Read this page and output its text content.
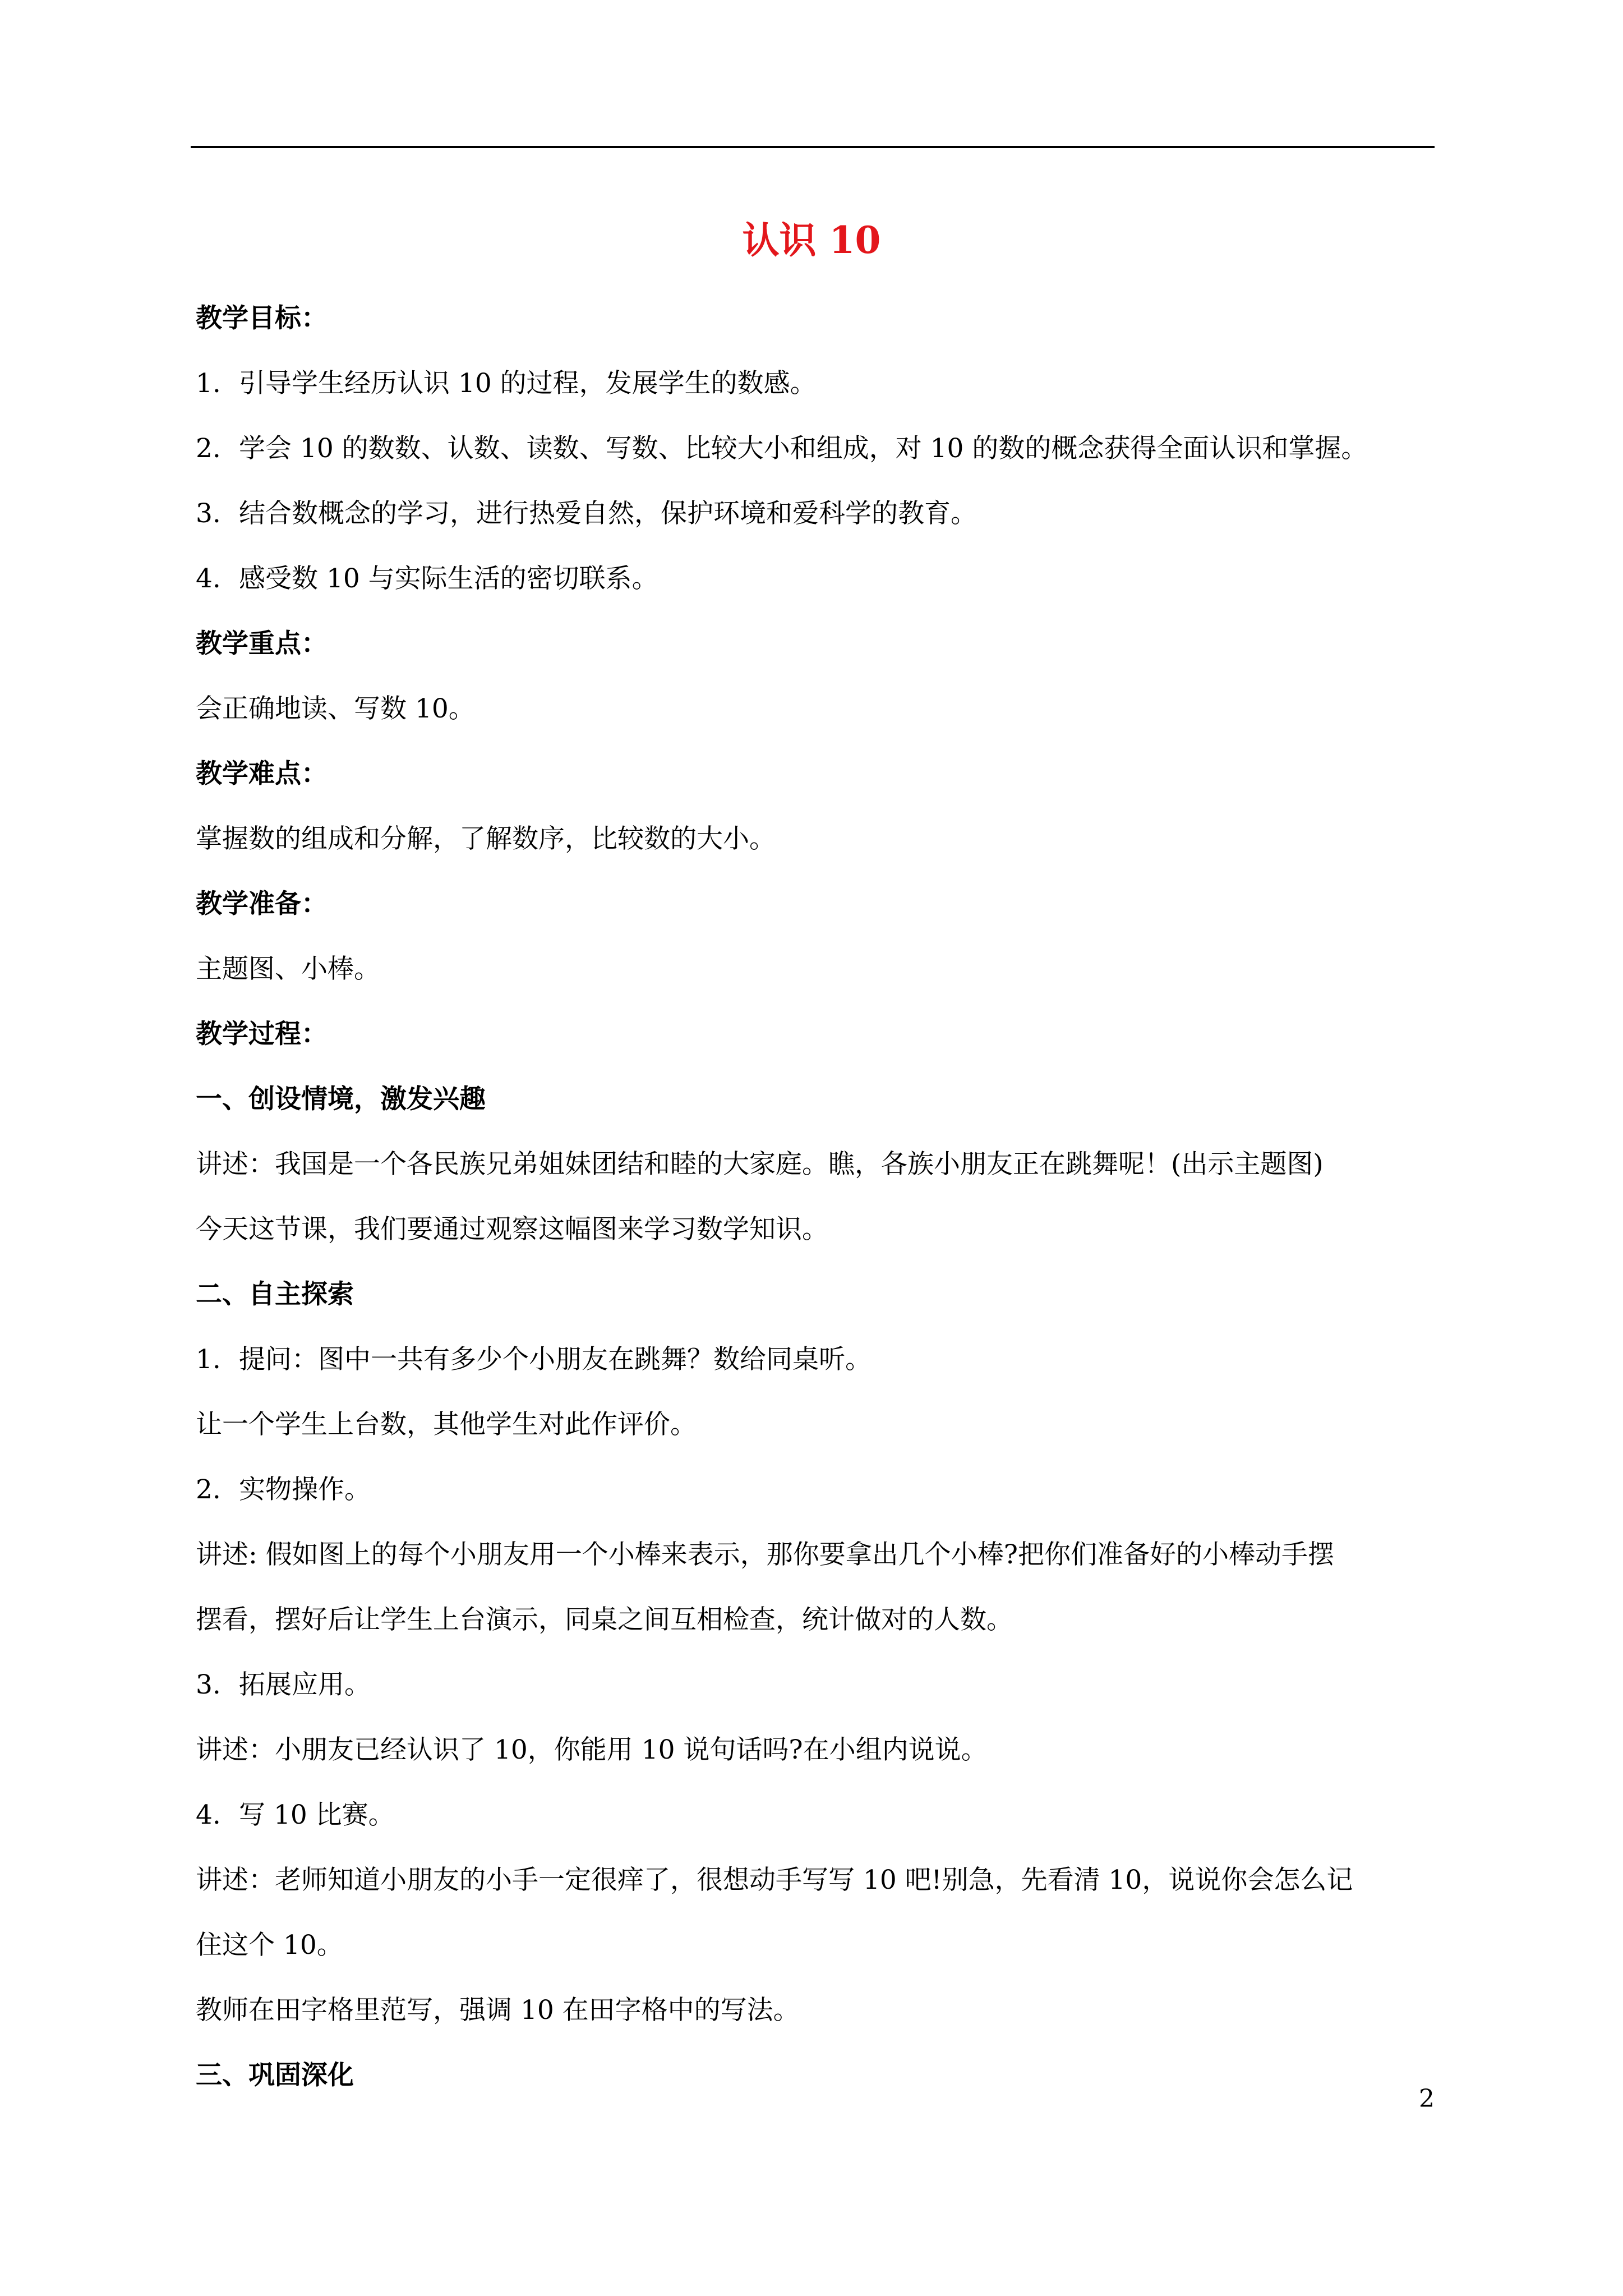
认识 10
教学目标：
1. 引导学生经历认识 10 的过程，发展学生的数感。
2. 学会 10 的数数、认数、读数、写数、比较大小和组成，对 10 的数的概念获得全面认识和掌握。
3. 结合数概念的学习，进行热爱自然，保护环境和爱科学的教育。
4. 感受数 10 与实际生活的密切联系。
教学重点：
会正确地读、写数 10。
教学难点：
掌握数的组成和分解，了解数序，比较数的大小。
教学准备：
主题图、小棒。
教学过程：
一、创设情境，激发兴趣
讲述：我国是一个各民族兄弟姐妹团结和睦的大家庭。瞧，各族小朋友正在跳舞呢！(出示主题图)
今天这节课，我们要通过观察这幅图来学习数学知识。
二、自主探索
1. 提问：图中一共有多少个小朋友在跳舞？数给同桌听。
让一个学生上台数，其他学生对此作评价。
2. 实物操作。
讲述: 假如图上的每个小朋友用一个小棒来表示，那你要拿出几个小棒?把你们准备好的小棒动手摆
摆看，摆好后让学生上台演示，同桌之间互相检查，统计做对的人数。
3. 拓展应用。
讲述：小朋友已经认识了 10，你能用 10 说句话吗?在小组内说说。
4. 写 10 比赛。
讲述：老师知道小朋友的小手一定很痒了，很想动手写写 10 吧!别急，先看清 10，说说你会怎么记
住这个 10。
教师在田字格里范写，强调 10 在田字格中的写法。
三、巩固深化
2
